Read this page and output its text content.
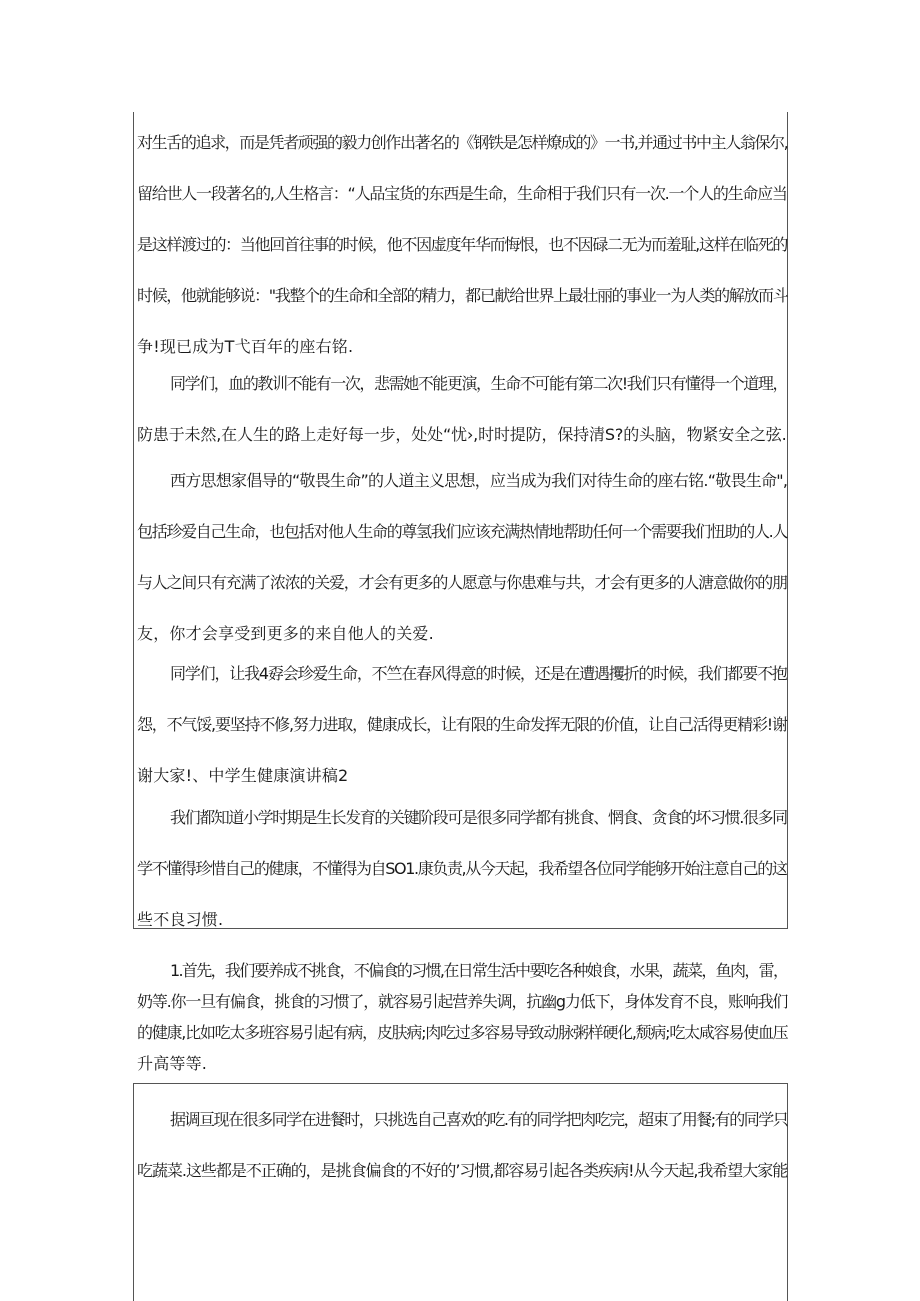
对生舌的追求，而是凭者顽强的毅力创作出著名的《钢铁是怎样燎成的》一书,并通过书中主人翁保尔,
留给世人一段著名的,人生格言：“人品宝货的东西是生命，生命相于我们只有一次.一个人的生命应当
是这样渡过的：当他回首往事的时候，他不因虚度年华而悔恨，也不因碌二无为而羞耻,这样在临死的
时候，他就能够说："我整个的生命和全部的精力，都已献给世界上最壮丽的事业一为人类的解放而斗
争!现已成为T弋百年的座右铭.
同学们，血的教训不能有一次，悲需她不能更演，生命不可能有第二次!我们只有懂得一个道理，
防患于未然,在人生的路上走好每一步，处处“忧›,时时提防，保持清S?的头脑，物紧安全之弦.
西方思想家倡导的“敬畏生命”的人道主义思想，应当成为我们对待生命的座右铭.“敬畏生命",
包括珍爱自己生命，也包括对他人生命的尊氢我们应该充满热情地帮助任何一个需要我们忸助的人.人
与人之间只有充满了浓浓的关爱，才会有更多的人愿意与你患难与共，才会有更多的人溏意做你的朋
友，你才会享受到更多的来自他人的关爱.
同学们，让我4孬会珍爱生命，不竺在春风得意的时候，还是在遭遇攫折的时候，我们都要不抱
怨，不气馁,要坚持不修,努力进取，健康成长，让有限的生命发挥无限的价值，让自己活得更精彩!谢
谢大家!、中学生健康演讲稿2
我们都知道小学时期是生长发育的关键阶段可是很多同学都有挑食、惘食、贪食的坏习惯.很多同
学不懂得珍惜自己的健康，不懂得为自SO1.康负责,从今天起，我希望各位同学能够开始注意自己的这
些不良习惯.
1.首先，我们要养成不挑食，不偏食的习惯,在日常生活中要吃各种娘食，水果，蔬菜，鱼肉，雷，
奶等.你一旦有偏食，挑食的习惯了，就容易引起营养失调，抗幽g力低下，身体发育不良，账响我们
的健康,比如吃太多班容易引起有病，皮肤病;肉吃过多容易导致动脉粥样硬化,颓病;吃太咸容易使血压
升高等等.
据调亘现在很多同学在进餐时，只挑选自己喜欢的吃.有的同学把肉吃完，超束了用餐;有的同学只
吃蔬菜.这些都是不正确的，是挑食偏食的不好的’习惯,都容易引起各类疾病!从今天起,我希望大家能
